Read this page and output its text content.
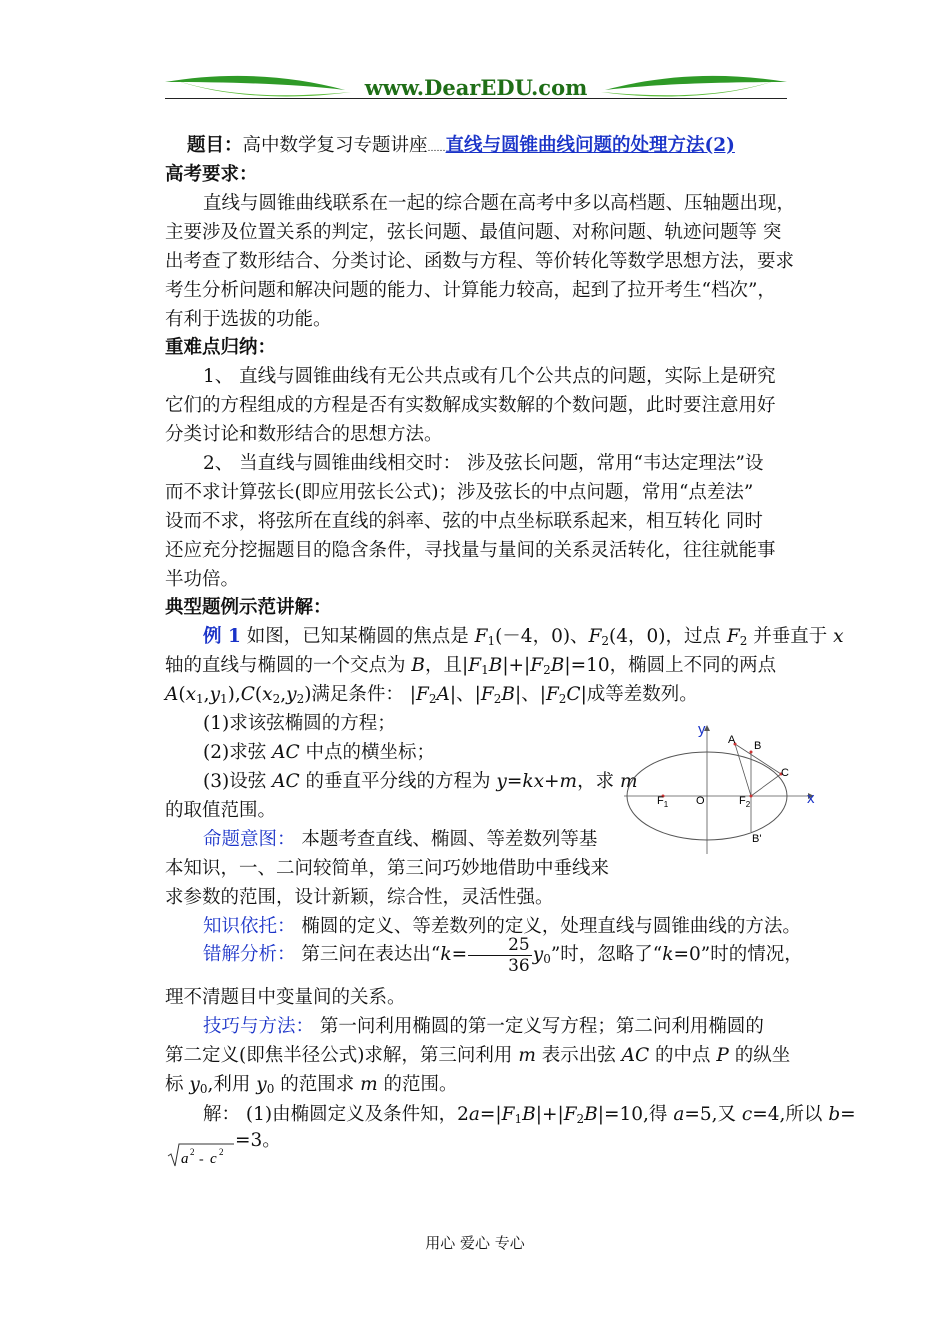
www.DearEDU.com
题目：高中数学复习专题讲座……直线与圆锥曲线问题的处理方法(2)
高考要求：
直线与圆锥曲线联系在一起的综合题在高考中多以高档题、压轴题出现，
主要涉及位置关系的判定，弦长问题、最值问题、对称问题、轨迹问题等 突
出考查了数形结合、分类讨论、函数与方程、等价转化等数学思想方法，要求
考生分析问题和解决问题的能力、计算能力较高，起到了拉开考生“档次”，
有利于选拔的功能。
重难点归纳：
1、 直线与圆锥曲线有无公共点或有几个公共点的问题，实际上是研究
它们的方程组成的方程是否有实数解成实数解的个数问题，此时要注意用好
分类讨论和数形结合的思想方法。
2、 当直线与圆锥曲线相交时： 涉及弦长问题，常用“韦达定理法”设
而不求计算弦长(即应用弦长公式)；涉及弦长的中点问题，常用“点差法”
设而不求，将弦所在直线的斜率、弦的中点坐标联系起来，相互转化 同时
还应充分挖掘题目的隐含条件，寻找量与量间的关系灵活转化，往往就能事
半功倍。
典型题例示范讲解：
例 1 如图，已知某椭圆的焦点是 $F_1(-4$，0)、$F_2(4$，0)，过点 $F_2$ 并垂直于 x
轴的直线与椭圆的一个交点为 B，且$|F_1B|+|F_2B|=10$，椭圆上不同的两点
$A(x_1,y_1),C(x_2,y_2)$满足条件： $|F_2A|$、$|F_2B|$、$|F_2C|$成等差数列。
(1)求该弦椭圆的方程；
(2)求弦 AC 中点的横坐标；
(3)设弦 AC 的垂直平分线的方程为 y=kx+m，求 m
的取值范围。
y
x
A B
C
O
$F_1$	$F_2$
B'
命题意图： 本题考查直线、椭圆、等差数列等基
本知识，一、二问较简单，第三问巧妙地借助中垂线来
求参数的范围，设计新颖，综合性，灵活性强。
知识依托： 椭圆的定义、等差数列的定义，处理直线与圆锥曲线的方法。
错解分析： 第三问在表达出“$k= \frac{25}{36} y_0$”时，忽略了“k=0”时的情况，
理不清题目中变量间的关系。
技巧与方法： 第一问利用椭圆的第一定义写方程；第二问利用椭圆的
第二定义(即焦半径公式)求解，第三问利用 m 表示出弦 AC 的中点 P 的纵坐
标 $y_0$,利用 $y_0$ 的范围求 m 的范围。
解： (1)由椭圆定义及条件知，$2a=|F_1B|+|F_2B|=10$,得 a=5,又 c=4,所以 b=
a 2 - c 2
=3。
用心 爱心 专心
